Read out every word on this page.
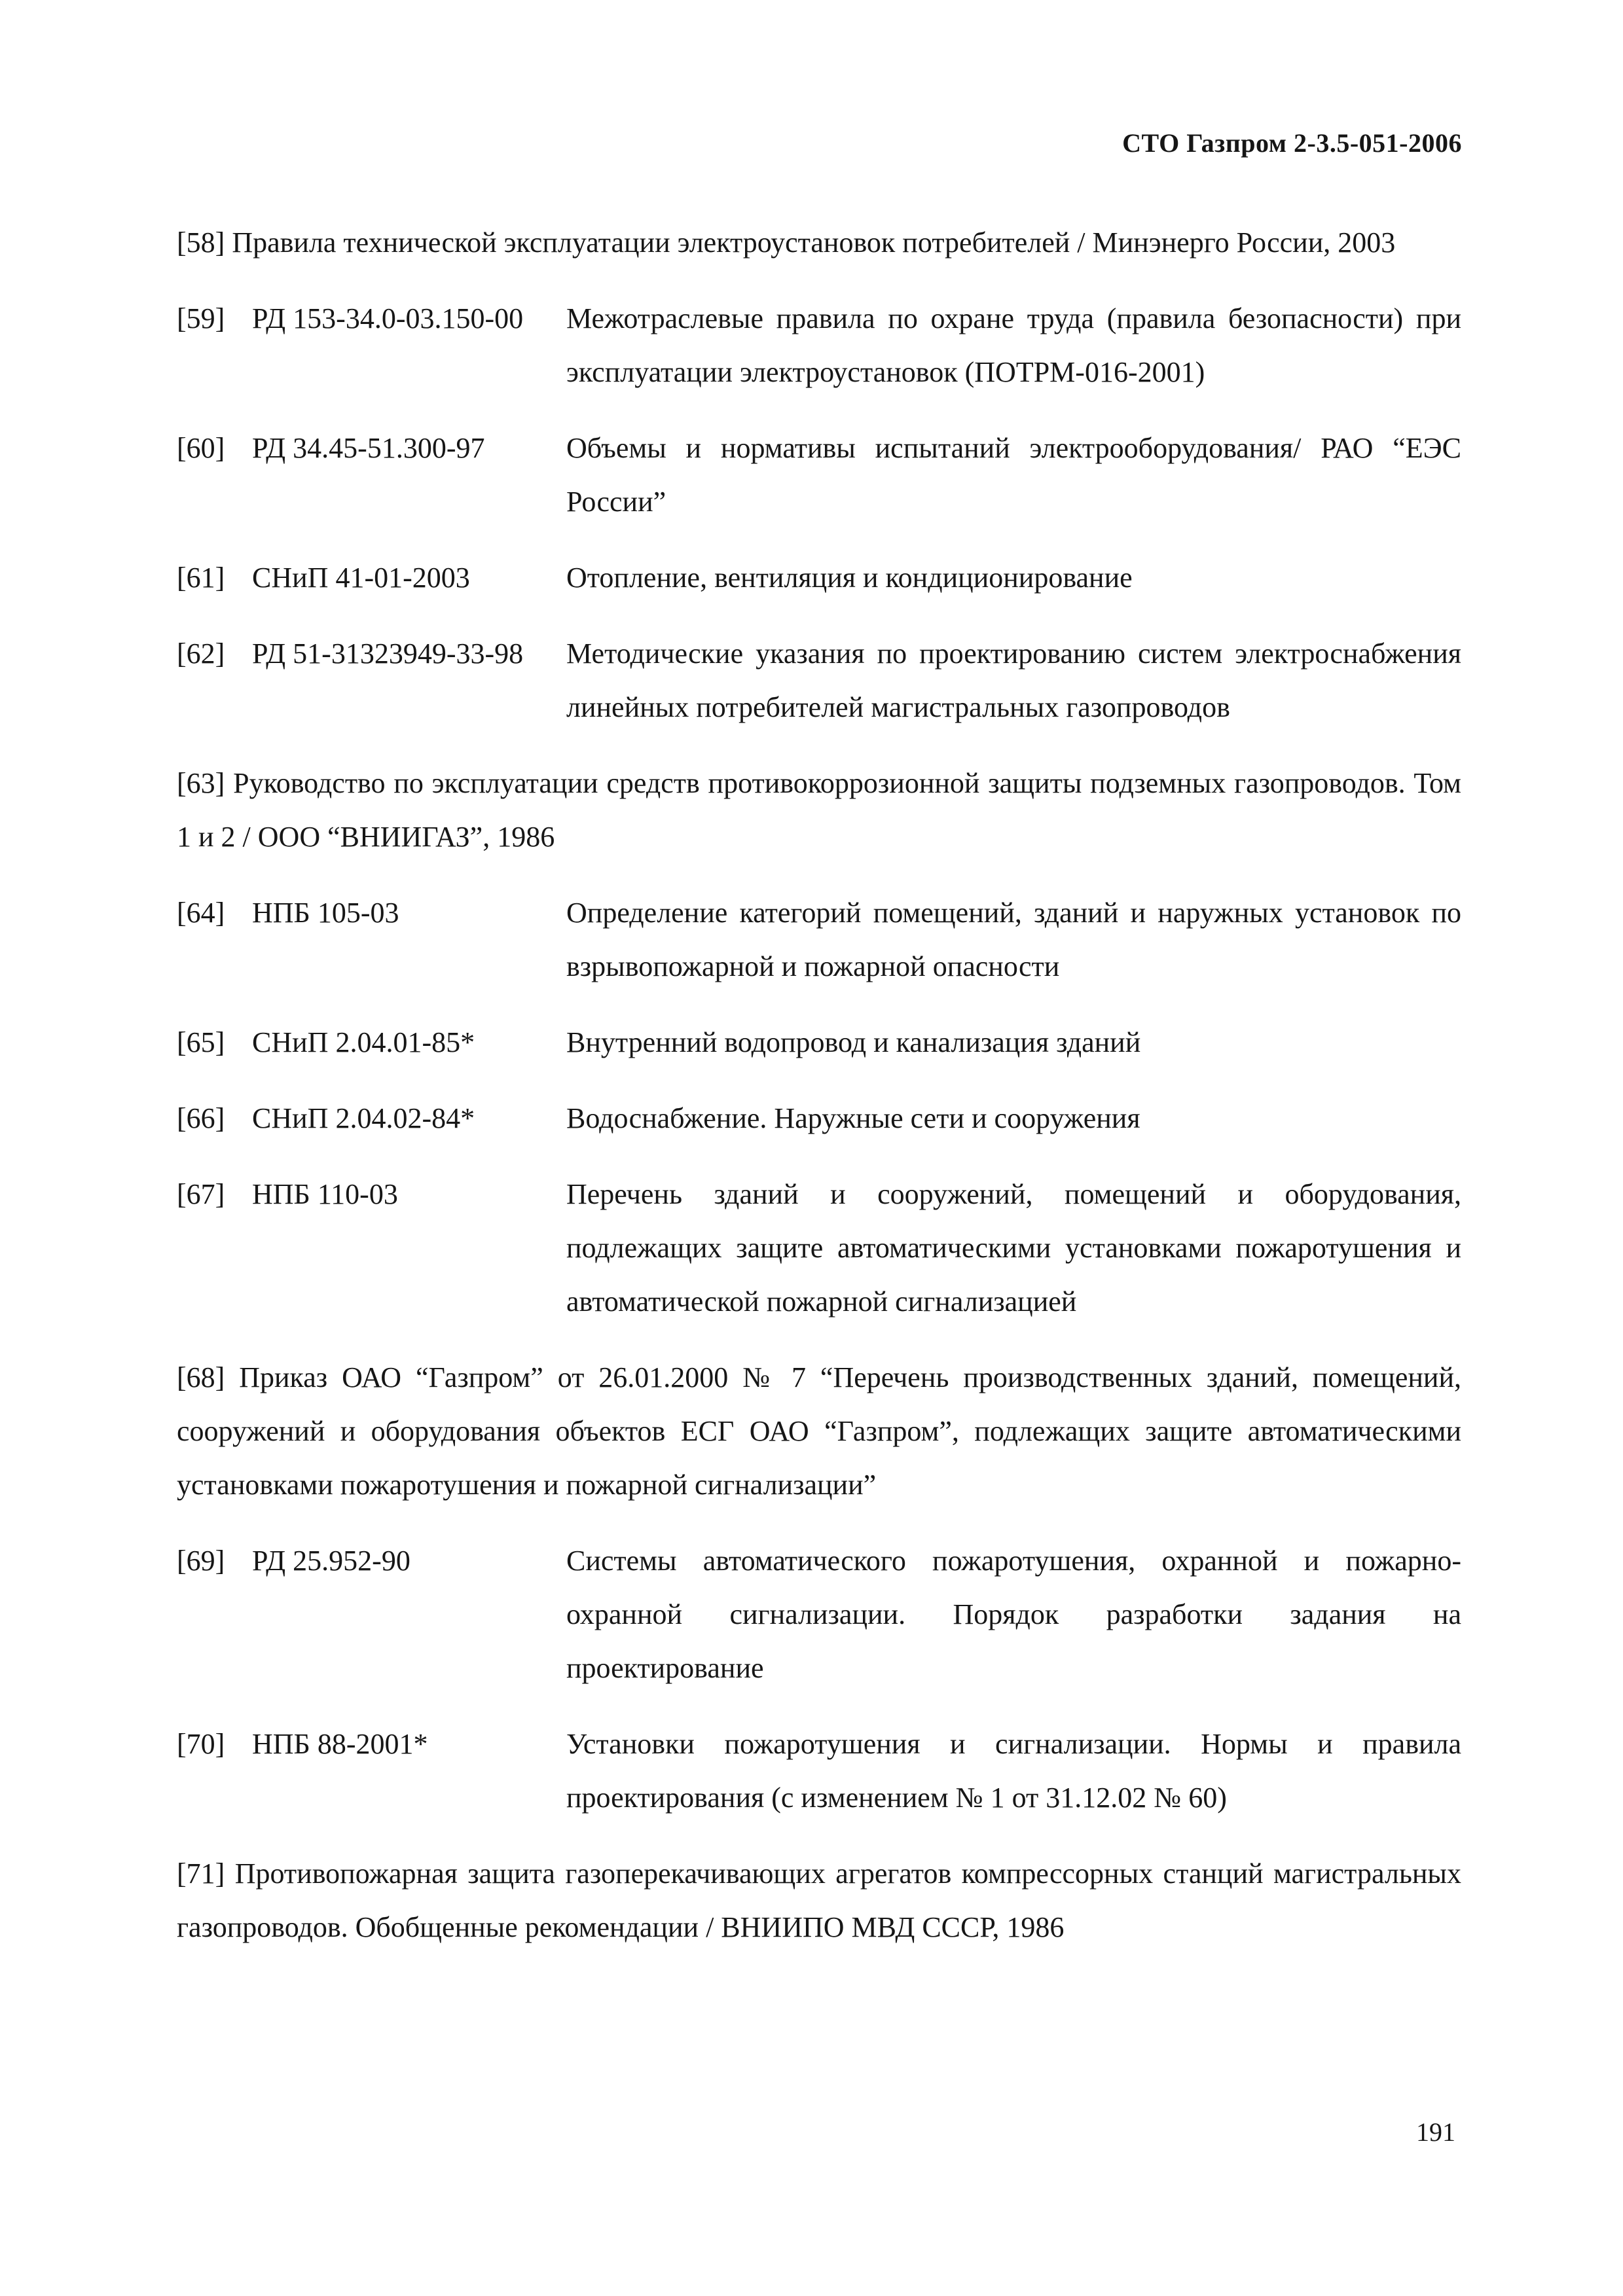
СТО Газпром 2-3.5-051-2006

[58] Правила технической эксплуатации электроустановок потребителей / Минэнерго России, 2003

[59] РД 153-34.0-03.150-00	Межотраслевые правила по охране труда (правила безопасности) при эксплуатации электроустановок (ПОТРМ-016-2001)
[60] РД 34.45-51.300-97	Объемы и нормативы испытаний электрооборудования/ РАО “ЕЭС России”
[61] СНиП 41-01-2003	Отопление, вентиляция и кондиционирование
[62] РД 51-31323949-33-98	Методические указания по проектированию систем электроснабжения линейных потребителей магистральных газопроводов

[63] Руководство по эксплуатации средств противокоррозионной защиты подземных газопроводов. Том 1 и 2 / ООО “ВНИИГАЗ”, 1986

[64] НПБ 105-03	Определение категорий помещений, зданий и наружных установок по взрывопожарной и пожарной опасности
[65] СНиП 2.04.01-85*	Внутренний водопровод и канализация зданий
[66] СНиП 2.04.02-84*	Водоснабжение. Наружные сети и сооружения
[67] НПБ 110-03	Перечень зданий и сооружений, помещений и оборудования, подлежащих защите автоматическими установками пожаротушения и автоматической пожарной сигнализацией

[68] Приказ ОАО “Газпром” от 26.01.2000 № 7 “Перечень производственных зданий, помещений, сооружений и оборудования объектов ЕСГ ОАО “Газпром”, подлежащих защите автоматическими установками пожаротушения и пожарной сигнализации”

[69] РД 25.952-90	Системы автоматического пожаротушения, охранной и пожарно-охранной сигнализации. Порядок разработки задания на проектирование
[70] НПБ 88-2001*	Установки пожаротушения и сигнализации. Нормы и правила проектирования (с изменением № 1 от 31.12.02 № 60)

[71] Противопожарная защита газоперекачивающих агрегатов компрессорных станций магистральных газопроводов. Обобщенные рекомендации / ВНИИПО МВД СССР, 1986

191
